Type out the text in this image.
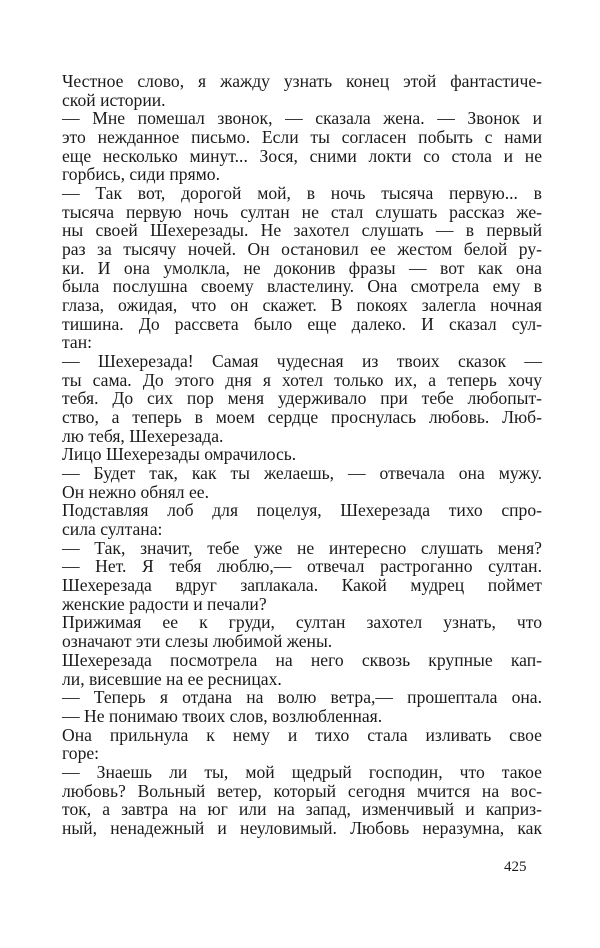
Честное слово, я жажду узнать конец этой фантастиче-
ской истории.
— Мне помешал звонок, — сказала жена. — Звонок и
это нежданное письмо. Если ты согласен побыть с нами
еще несколько минут... Зося, сними локти со стола и не
горбись, сиди прямо.
— Так вот, дорогой мой, в ночь тысяча первую... в
тысяча первую ночь султан не стал слушать рассказ же-
ны своей Шехерезады. Не захотел слушать — в первый
раз за тысячу ночей. Он остановил ее жестом белой ру-
ки. И она умолкла, не доконив фразы — вот как она
была послушна своему властелину. Она смотрела ему в
глаза, ожидая, что он скажет. В покоях залегла ночная
тишина. До рассвета было еще далеко. И сказал сул-
тан:
— Шехерезада! Самая чудесная из твоих сказок —
ты сама. До этого дня я хотел только их, а теперь хочу
тебя. До сих пор меня удерживало при тебе любопыт-
ство, а теперь в моем сердце проснулась любовь. Люб-
лю тебя, Шехерезада.
Лицо Шехерезады омрачилось.
— Будет так, как ты желаешь, — отвечала она мужу.
Он нежно обнял ее.
Подставляя лоб для поцелуя, Шехерезада тихо спро-
сила султана:
— Так, значит, тебе уже не интересно слушать меня?
— Нет. Я тебя люблю,— отвечал растроганно султан.
Шехерезада вдруг заплакала. Какой мудрец поймет
женские радости и печали?
Прижимая ее к груди, султан захотел узнать, что
означают эти слезы любимой жены.
Шехерезада посмотрела на него сквозь крупные кап-
ли, висевшие на ее ресницах.
— Теперь я отдана на волю ветра,— прошептала она.
— Не понимаю твоих слов, возлюбленная.
Она прильнула к нему и тихо стала изливать свое
горе:
— Знаешь ли ты, мой щедрый господин, что такое
любовь? Вольный ветер, который сегодня мчится на вос-
ток, а завтра на юг или на запад, изменчивый и каприз-
ный, ненадежный и неуловимый. Любовь неразумна, как
425
